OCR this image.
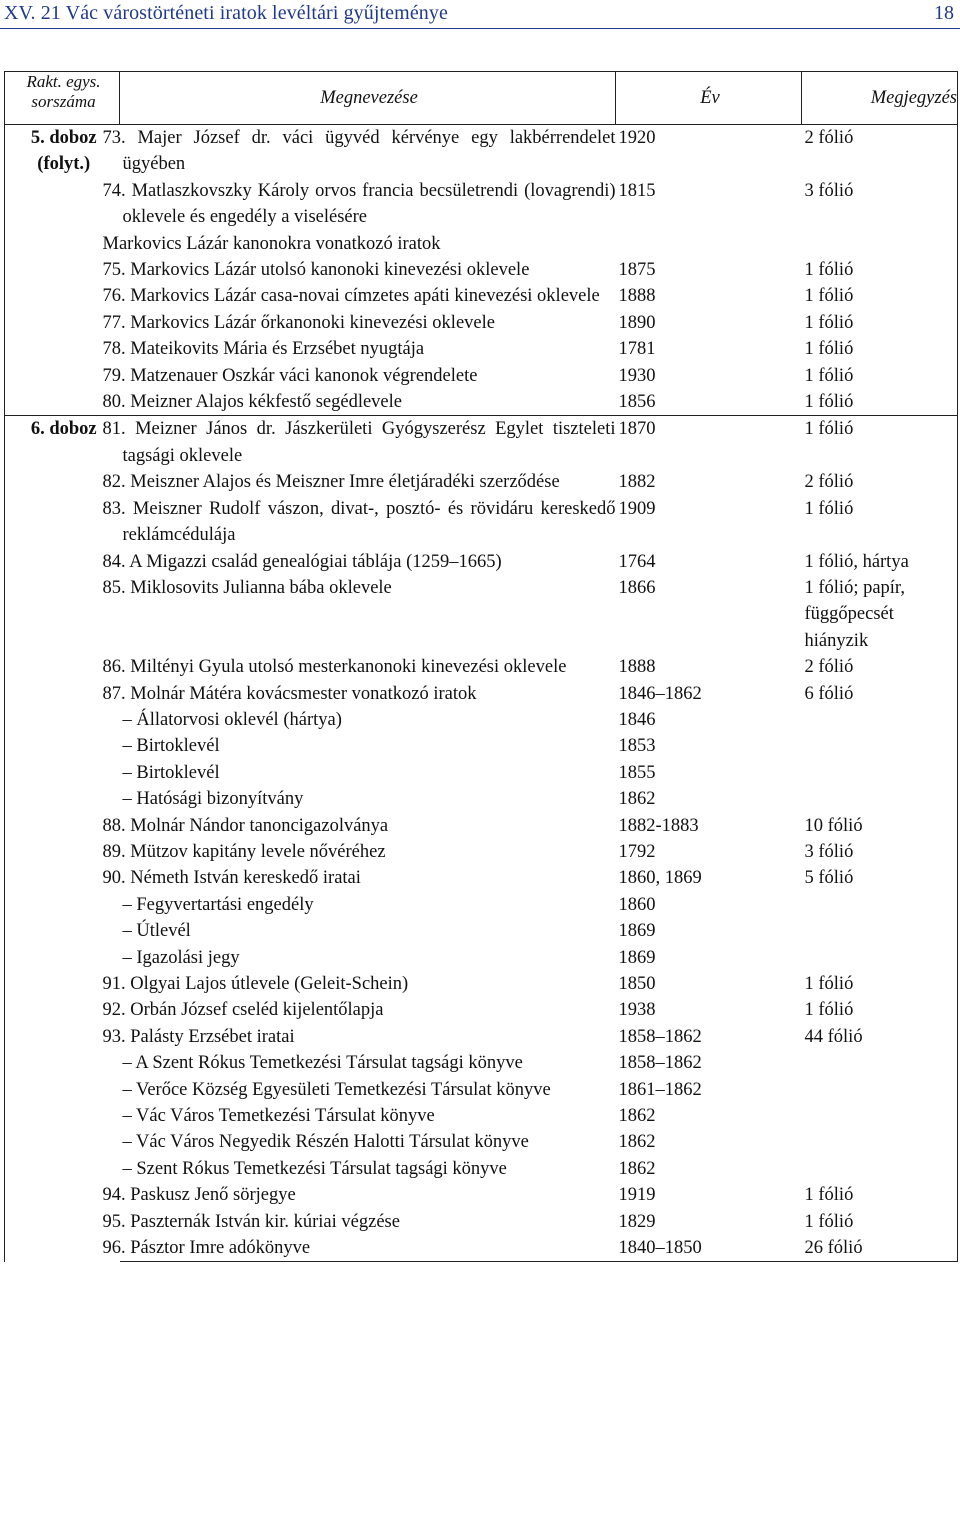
XV. 21 Vác várostörténeti iratok levéltári gyűjteménye	18
Rakt. egys. sorszáma	Megnevezése	Év	Megjegyzés
5. doboz (folyt.)	73. Majer József dr. váci ügyvéd kérvénye egy lakbérrendelet ügyében	1920	2 fólió
	74. Matlaszkovszky Károly orvos francia becsületrendi (lovagrendi) oklevele és engedély a viselésére	1815	3 fólió
	Markovics Lázár kanonokra vonatkozó iratok		
	75. Markovics Lázár utolsó kanonoki kinevezési oklevele	1875	1 fólió
	76. Markovics Lázár casa-novai címzetes apáti kinevezési oklevele	1888	1 fólió
	77. Markovics Lázár őrkanonoki kinevezési oklevele	1890	1 fólió
	78. Mateikovits Mária és Erzsébet nyugtája	1781	1 fólió
	79. Matzenauer Oszkár váci kanonok végrendelete	1930	1 fólió
	80. Meizner Alajos kékfestő segédlevele	1856	1 fólió
6. doboz	81. Meizner János dr. Jászkerületi Gyógyszerész Egylet tiszteleti tagsági oklevele	1870	1 fólió
	82. Meiszner Alajos és Meiszner Imre életjáradéki szerződése	1882	2 fólió
	83. Meiszner Rudolf vászon, divat-, posztó- és rövidáru kereskedő reklámcédulája	1909	1 fólió
	84. A Migazzi család genealógiai táblája (1259–1665)	1764	1 fólió, hártya
	85. Miklosovits Julianna bába oklevele	1866	1 fólió; papír, függőpecsét hiányzik
	86. Miltényi Gyula utolsó mesterkanonoki kinevezési oklevele	1888	2 fólió
	87. Molnár Mátéra kovácsmester vonatkozó iratok	1846–1862	6 fólió
	– Állatorvosi oklevél (hártya)	1846	
	– Birtoklevél	1853	
	– Birtoklevél	1855	
	– Hatósági bizonyítvány	1862	
	88. Molnár Nándor tanoncigazolványa	1882-1883	10 fólió
	89. Mützov kapitány levele nővéréhez	1792	3 fólió
	90. Németh István kereskedő iratai	1860, 1869	5 fólió
	– Fegyvertartási engedély	1860	
	– Útlevél	1869	
	– Igazolási jegy	1869	
	91. Olgyai Lajos útlevele (Geleit-Schein)	1850	1 fólió
	92. Orbán József cseléd kijelentőlapja	1938	1 fólió
	93. Palásty Erzsébet iratai	1858–1862	44 fólió
	– A Szent Rókus Temetkezési Társulat tagsági könyve	1858–1862	
	– Verőce Község Egyesületi Temetkezési Társulat könyve	1861–1862	
	– Vác Város Temetkezési Társulat könyve	1862	
	– Vác Város Negyedik Részén Halotti Társulat könyve	1862	
	– Szent Rókus Temetkezési Társulat tagsági könyve	1862	
	94. Paskusz Jenő sörjegye	1919	1 fólió
	95. Paszternák István kir. kúriai végzése	1829	1 fólió
	96. Pásztor Imre adókönyve	1840–1850	26 fólió
